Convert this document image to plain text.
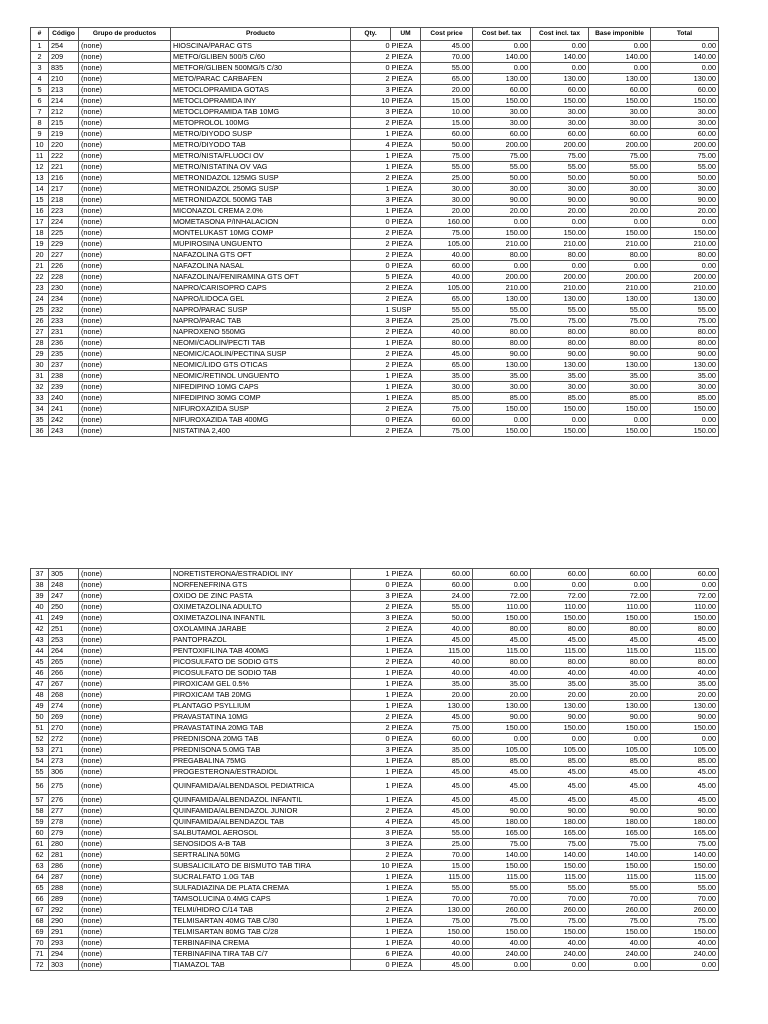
#	Código	Grupo de productos	Producto	Qty.	UM	Cost price	Cost bef. tax	Cost incl. tax	Base imponible	Total
1	254	(none)	HIOSCINA/PARAC GTS	0	PIEZA	45.00	0.00	0.00	0.00	0.00
2	209	(none)	METFO/GLIBEN 500/5 C/60	2	PIEZA	70.00	140.00	140.00	140.00	140.00
3	835	(none)	METFOR/GLIBEN 500MG/5 C/30	0	PIEZA	55.00	0.00	0.00	0.00	0.00
4	210	(none)	METO/PARAC CARBAFEN	2	PIEZA	65.00	130.00	130.00	130.00	130.00
5	213	(none)	METOCLOPRAMIDA GOTAS	3	PIEZA	20.00	60.00	60.00	60.00	60.00
6	214	(none)	METOCLOPRAMIDA INY	10	PIEZA	15.00	150.00	150.00	150.00	150.00
7	212	(none)	METOCLOPRAMIDA TAB 10MG	3	PIEZA	10.00	30.00	30.00	30.00	30.00
8	215	(none)	METOPROLOL 100MG	2	PIEZA	15.00	30.00	30.00	30.00	30.00
9	219	(none)	METRO/DIYODO SUSP	1	PIEZA	60.00	60.00	60.00	60.00	60.00
10	220	(none)	METRO/DIYODO TAB	4	PIEZA	50.00	200.00	200.00	200.00	200.00
11	222	(none)	METRO/NISTA/FLUOCI OV	1	PIEZA	75.00	75.00	75.00	75.00	75.00
12	221	(none)	METRO/NISTATINA OV VAG	1	PIEZA	55.00	55.00	55.00	55.00	55.00
13	216	(none)	METRONIDAZOL 125MG SUSP	2	PIEZA	25.00	50.00	50.00	50.00	50.00
14	217	(none)	METRONIDAZOL 250MG SUSP	1	PIEZA	30.00	30.00	30.00	30.00	30.00
15	218	(none)	METRONIDAZOL 500MG TAB	3	PIEZA	30.00	90.00	90.00	90.00	90.00
16	223	(none)	MICONAZOL CREMA 2.0%	1	PIEZA	20.00	20.00	20.00	20.00	20.00
17	224	(none)	MOMETASONA P/INHALACION	0	PIEZA	160.00	0.00	0.00	0.00	0.00
18	225	(none)	MONTELUKAST 10MG COMP	2	PIEZA	75.00	150.00	150.00	150.00	150.00
19	229	(none)	MUPIROSINA UNGUENTO	2	PIEZA	105.00	210.00	210.00	210.00	210.00
20	227	(none)	NAFAZOLINA GTS OFT	2	PIEZA	40.00	80.00	80.00	80.00	80.00
21	226	(none)	NAFAZOLINA NASAL	0	PIEZA	60.00	0.00	0.00	0.00	0.00
22	228	(none)	NAFAZOLINA/FENIRAMINA GTS OFT	5	PIEZA	40.00	200.00	200.00	200.00	200.00
23	230	(none)	NAPRO/CARISOPRO CAPS	2	PIEZA	105.00	210.00	210.00	210.00	210.00
24	234	(none)	NAPRO/LIDOCA GEL	2	PIEZA	65.00	130.00	130.00	130.00	130.00
25	232	(none)	NAPRO/PARAC SUSP	1	SUSP	55.00	55.00	55.00	55.00	55.00
26	233	(none)	NAPRO/PARAC TAB	3	PIEZA	25.00	75.00	75.00	75.00	75.00
27	231	(none)	NAPROXENO 550MG	2	PIEZA	40.00	80.00	80.00	80.00	80.00
28	236	(none)	NEOMI/CAOLIN/PECTI TAB	1	PIEZA	80.00	80.00	80.00	80.00	80.00
29	235	(none)	NEOMIC/CAOLIN/PECTINA SUSP	2	PIEZA	45.00	90.00	90.00	90.00	90.00
30	237	(none)	NEOMIC/LIDO GTS OTICAS	2	PIEZA	65.00	130.00	130.00	130.00	130.00
31	238	(none)	NEOMIC/RETINOL UNGUENTO	1	PIEZA	35.00	35.00	35.00	35.00	35.00
32	239	(none)	NIFEDIPINO 10MG CAPS	1	PIEZA	30.00	30.00	30.00	30.00	30.00
33	240	(none)	NIFEDIPINO 30MG COMP	1	PIEZA	85.00	85.00	85.00	85.00	85.00
34	241	(none)	NIFUROXAZIDA SUSP	2	PIEZA	75.00	150.00	150.00	150.00	150.00
35	242	(none)	NIFUROXAZIDA TAB 400MG	0	PIEZA	60.00	0.00	0.00	0.00	0.00
36	243	(none)	NISTATINA 2,400	2	PIEZA	75.00	150.00	150.00	150.00	150.00
37	305	(none)	NORETISTERONA/ESTRADIOL INY	1	PIEZA	60.00	60.00	60.00	60.00	60.00
38	248	(none)	NORFENEFRINA GTS	0	PIEZA	60.00	0.00	0.00	0.00	0.00
39	247	(none)	OXIDO DE ZINC PASTA	3	PIEZA	24.00	72.00	72.00	72.00	72.00
40	250	(none)	OXIMETAZOLINA ADULTO	2	PIEZA	55.00	110.00	110.00	110.00	110.00
41	249	(none)	OXIMETAZOLINA INFANTIL	3	PIEZA	50.00	150.00	150.00	150.00	150.00
42	251	(none)	OXOLAMINA JARABE	2	PIEZA	40.00	80.00	80.00	80.00	80.00
43	253	(none)	PANTOPRAZOL	1	PIEZA	45.00	45.00	45.00	45.00	45.00
44	264	(none)	PENTOXIFILINA TAB 400MG	1	PIEZA	115.00	115.00	115.00	115.00	115.00
45	265	(none)	PICOSULFATO DE SODIO GTS	2	PIEZA	40.00	80.00	80.00	80.00	80.00
46	266	(none)	PICOSULFATO DE SODIO TAB	1	PIEZA	40.00	40.00	40.00	40.00	40.00
47	267	(none)	PIROXICAM GEL 0.5%	1	PIEZA	35.00	35.00	35.00	35.00	35.00
48	268	(none)	PIROXICAM TAB 20MG	1	PIEZA	20.00	20.00	20.00	20.00	20.00
49	274	(none)	PLANTAGO PSYLLIUM	1	PIEZA	130.00	130.00	130.00	130.00	130.00
50	269	(none)	PRAVASTATINA 10MG	2	PIEZA	45.00	90.00	90.00	90.00	90.00
51	270	(none)	PRAVASTATINA 20MG TAB	2	PIEZA	75.00	150.00	150.00	150.00	150.00
52	272	(none)	PREDNISONA 20MG TAB	0	PIEZA	60.00	0.00	0.00	0.00	0.00
53	271	(none)	PREDNISONA 5.0MG TAB	3	PIEZA	35.00	105.00	105.00	105.00	105.00
54	273	(none)	PREGABALINA 75MG	1	PIEZA	85.00	85.00	85.00	85.00	85.00
55	306	(none)	PROGESTERONA/ESTRADIOL	1	PIEZA	45.00	45.00	45.00	45.00	45.00
56	275	(none)	QUINFAMIDA/ALBENDASOL PEDIATRICA	1	PIEZA	45.00	45.00	45.00	45.00	45.00
57	276	(none)	QUINFAMIDA/ALBENDAZOL INFANTIL	1	PIEZA	45.00	45.00	45.00	45.00	45.00
58	277	(none)	QUINFAMIDA/ALBENDAZOL JUNIOR	2	PIEZA	45.00	90.00	90.00	90.00	90.00
59	278	(none)	QUINFAMIDA/ALBENDAZOL TAB	4	PIEZA	45.00	180.00	180.00	180.00	180.00
60	279	(none)	SALBUTAMOL AEROSOL	3	PIEZA	55.00	165.00	165.00	165.00	165.00
61	280	(none)	SENOSIDOS A-B TAB	3	PIEZA	25.00	75.00	75.00	75.00	75.00
62	281	(none)	SERTRALINA 50MG	2	PIEZA	70.00	140.00	140.00	140.00	140.00
63	286	(none)	SUBSALICILATO DE BISMUTO TAB TIRA	10	PIEZA	15.00	150.00	150.00	150.00	150.00
64	287	(none)	SUCRALFATO 1.0G TAB	1	PIEZA	115.00	115.00	115.00	115.00	115.00
65	288	(none)	SULFADIAZINA DE PLATA CREMA	1	PIEZA	55.00	55.00	55.00	55.00	55.00
66	289	(none)	TAMSOLUCINA 0.4MG CAPS	1	PIEZA	70.00	70.00	70.00	70.00	70.00
67	292	(none)	TELMI/HIDRO C/14 TAB	2	PIEZA	130.00	260.00	260.00	260.00	260.00
68	290	(none)	TELMISARTAN 40MG TAB C/30	1	PIEZA	75.00	75.00	75.00	75.00	75.00
69	291	(none)	TELMISARTAN 80MG TAB C/28	1	PIEZA	150.00	150.00	150.00	150.00	150.00
70	293	(none)	TERBINAFINA CREMA	1	PIEZA	40.00	40.00	40.00	40.00	40.00
71	294	(none)	TERBINAFINA TIRA TAB C/7	6	PIEZA	40.00	240.00	240.00	240.00	240.00
72	303	(none)	TIAMAZOL TAB	0	PIEZA	45.00	0.00	0.00	0.00	0.00
